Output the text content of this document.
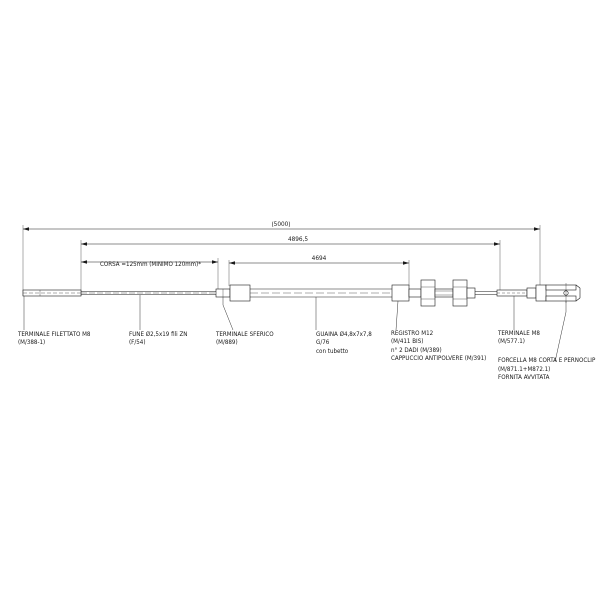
(5000)
4896,5
CORSA =125mm (MINIMO 120mm)*
4694
TERMINALE FILETTATO M8
(M/388-1)
FUNE Ø2,5x19 fili ZN
(F/54)
TERMINALE SFERICO
(M/889)
GUAINA Ø4,8x7x7,8
G/76
con tubetto
REGISTRO M12
(M/411 BIS)
n° 2 DADI (M/389)
CAPPUCCIO ANTIPOLVERE (M/391)
TERMINALE M8
(M/577.1)
FORCELLA M8 CORTA E PERNOCLIP
(M/871.1+M872.1)
FORNITA AVVITATA
